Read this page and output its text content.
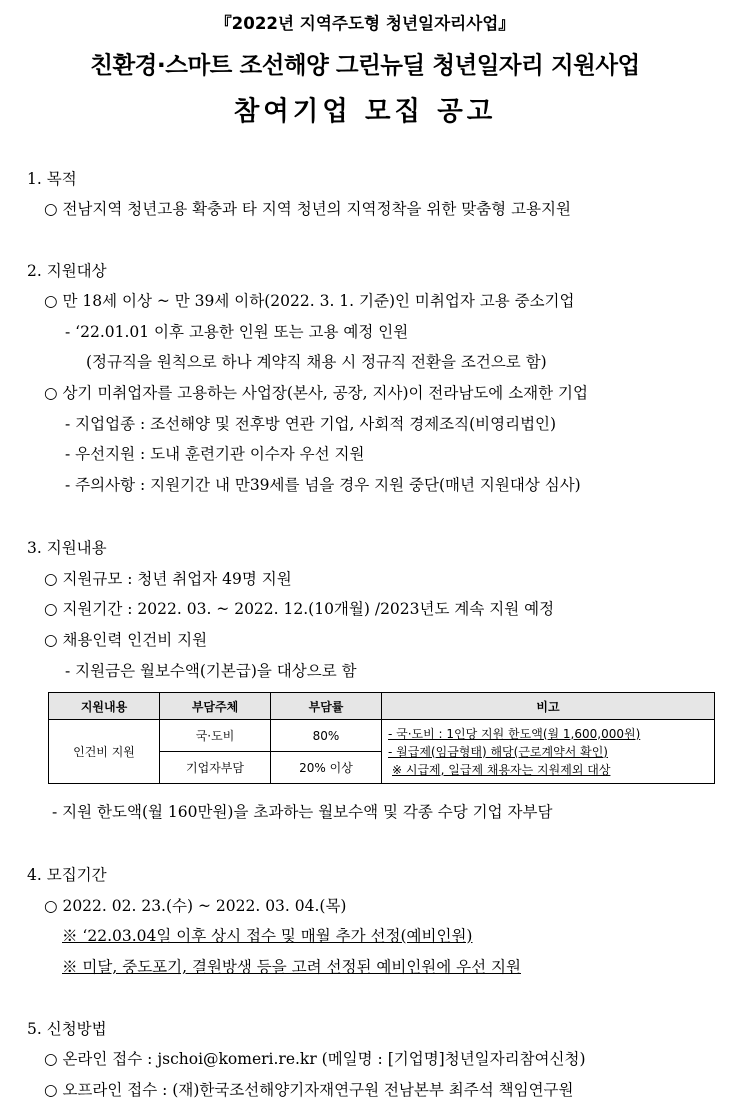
『2022년 지역주도형 청년일자리사업』
친환경·스마트 조선해양 그린뉴딜 청년일자리 지원사업
참여기업 모집 공고
1. 목적
○ 전남지역 청년고용 확충과 타 지역 청년의 지역정착을 위한 맞춤형 고용지원
2. 지원대상
○ 만 18세 이상 ~ 만 39세 이하(2022. 3. 1. 기준)인 미취업자 고용 중소기업
- ‘22.01.01 이후 고용한 인원 또는 고용 예정 인원
(정규직을 원칙으로 하나 계약직 채용 시 정규직 전환을 조건으로 함)
○ 상기 미취업자를 고용하는 사업장(본사, 공장, 지사)이 전라남도에 소재한 기업
- 지업업종 : 조선해양 및 전후방 연관 기업, 사회적 경제조직(비영리법인)
- 우선지원 : 도내 훈련기관 이수자 우선 지원
- 주의사항 : 지원기간 내 만39세를 넘을 경우 지원 중단(매년 지원대상 심사)
3. 지원내용
○ 지원규모 : 청년 취업자 49명 지원
○ 지원기간 : 2022. 03. ~ 2022. 12.(10개월) /2023년도 계속 지원 예정
○ 채용인력 인건비 지원
- 지원금은 월보수액(기본급)을 대상으로 함
지원내용	부담주체	부담률	비고
인건비 지원	국·도비	80%	- 국·도비 : 1인당 지원 한도액(월 1,600,000원)
- 월급제(임금형태) 해당(근로계약서 확인)
※ 시급제, 일급제 채용자는 지원제외 대상

	기업자부담	20% 이상	
- 지원 한도액(월 160만원)을 초과하는 월보수액 및 각종 수당 기업 자부담
4. 모집기간
○ 2022. 02. 23.(수) ~ 2022. 03. 04.(목)
※ ‘22.03.04일 이후 상시 접수 및 매월 추가 선정(예비인원)
※ 미달, 중도포기, 결원방생 등을 고려 선정된 예비인원에 우선 지원
5. 신청방법
○ 온라인 접수 : jschoi@komeri.re.kr (메일명 : [기업명]청년일자리참여신청)
○ 오프라인 접수 : (재)한국조선해양기자재연구원 전남본부 최주석 책임연구원
